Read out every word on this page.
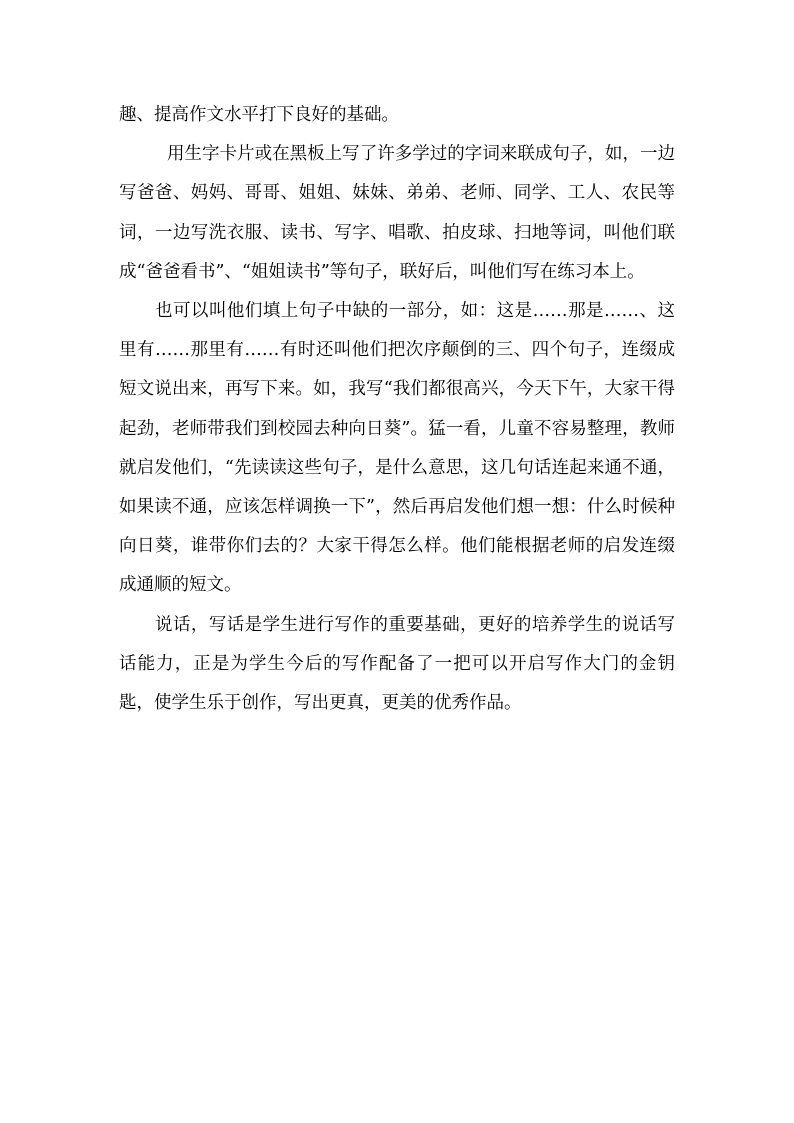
趣、提高作文水平打下良好的基础。

用生字卡片或在黑板上写了许多学过的字词来联成句子，如，一边写爸爸、妈妈、哥哥、姐姐、妹妹、弟弟、老师、同学、工人、农民等词，一边写洗衣服、读书、写字、唱歌、拍皮球、扫地等词，叫他们联成“爸爸看书”、“姐姐读书”等句子，联好后，叫他们写在练习本上。

也可以叫他们填上句子中缺的一部分，如：这是……那是……、这里有……那里有……有时还叫他们把次序颠倒的三、四个句子，连缀成短文说出来，再写下来。如，我写“我们都很高兴，今天下午，大家干得起劲，老师带我们到校园去种向日葵”。猛一看，儿童不容易整理，教师就启发他们，“先读读这些句子，是什么意思，这几句话连起来通不通，如果读不通，应该怎样调换一下”，然后再启发他们想一想：什么时候种向日葵，谁带你们去的？大家干得怎么样。他们能根据老师的启发连缀成通顺的短文。

说话，写话是学生进行写作的重要基础，更好的培养学生的说话写话能力，正是为学生今后的写作配备了一把可以开启写作大门的金钥匙，使学生乐于创作，写出更真，更美的优秀作品。
